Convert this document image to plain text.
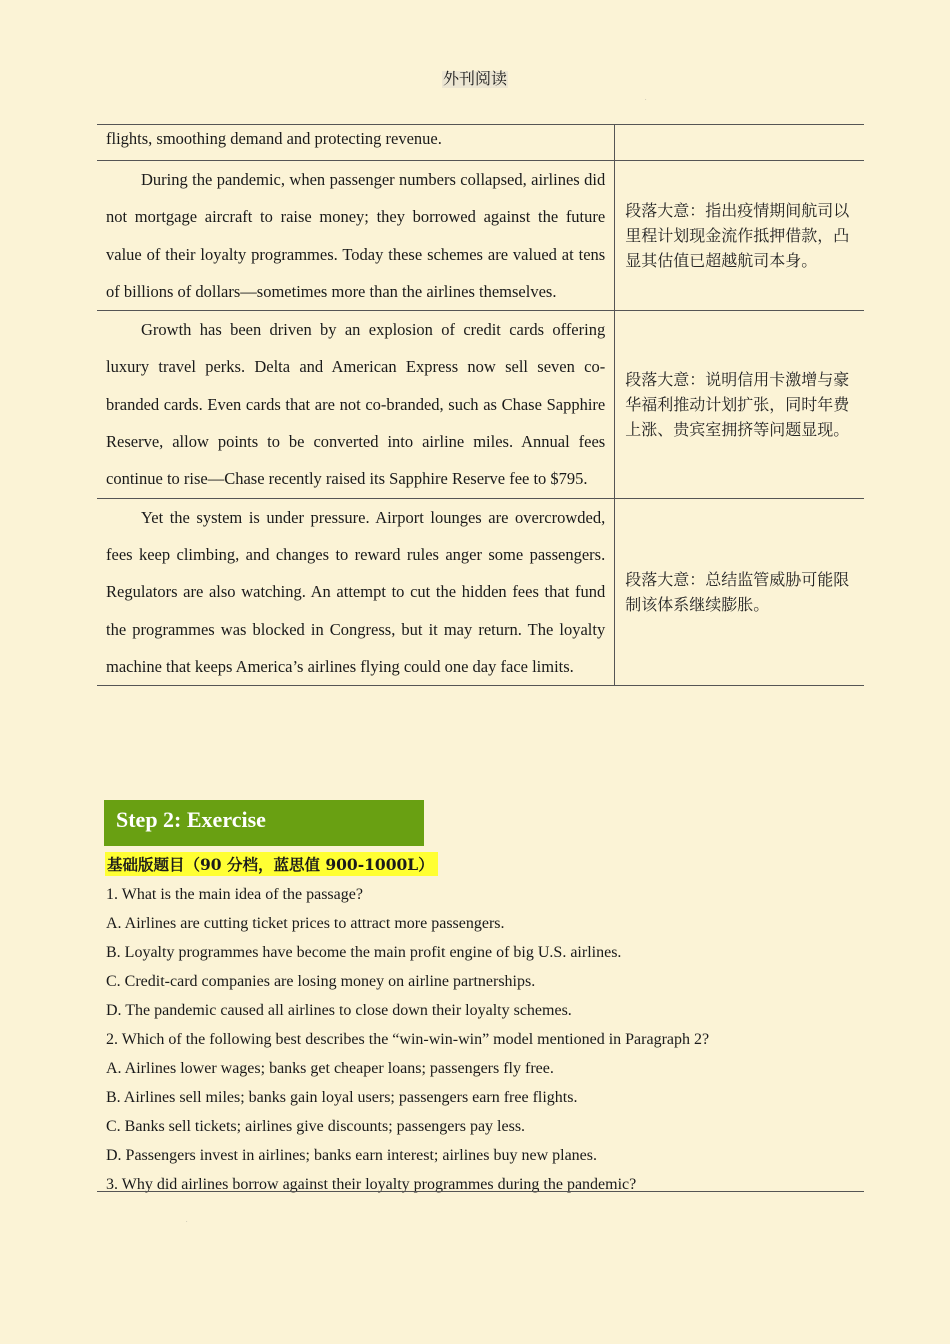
外刊阅读
.
flights, smoothing demand and protecting revenue.	
During the pandemic, when passenger numbers collapsed, airlines did not mortgage aircraft to raise money; they borrowed against the future value of their loyalty programmes. Today these schemes are valued at tens of billions of dollars—sometimes more than the airlines themselves.	段落大意：指出疫情期间航司以里程计划现金流作抵押借款，凸显其估值已超越航司本身。
Growth has been driven by an explosion of credit cards offering luxury travel perks. Delta and American Express now sell seven co-branded cards. Even cards that are not co-branded, such as Chase Sapphire Reserve, allow points to be converted into airline miles. Annual fees continue to rise—Chase recently raised its Sapphire Reserve fee to $795.	段落大意：说明信用卡激增与豪华福利推动计划扩张，同时年费上涨、贵宾室拥挤等问题显现。
Yet the system is under pressure. Airport lounges are overcrowded, fees keep climbing, and changes to reward rules anger some passengers. Regulators are also watching. An attempt to cut the hidden fees that fund the programmes was blocked in Congress, but it may return. The loyalty machine that keeps America’s airlines flying could one day face limits.	段落大意：总结监管威胁可能限制该体系继续膨胀。
Step 2: Exercise
基础版题目（90 分档，蓝思值 900-1000L）
1. What is the main idea of the passage?
A. Airlines are cutting ticket prices to attract more passengers.
B. Loyalty programmes have become the main profit engine of big U.S. airlines.
C. Credit-card companies are losing money on airline partnerships.
D. The pandemic caused all airlines to close down their loyalty schemes.
2. Which of the following best describes the “win-win-win” model mentioned in Paragraph 2?
A. Airlines lower wages; banks get cheaper loans; passengers fly free.
B. Airlines sell miles; banks gain loyal users; passengers earn free flights.
C. Banks sell tickets; airlines give discounts; passengers pay less.
D. Passengers invest in airlines; banks earn interest; airlines buy new planes.
3. Why did airlines borrow against their loyalty programmes during the pandemic?
.
